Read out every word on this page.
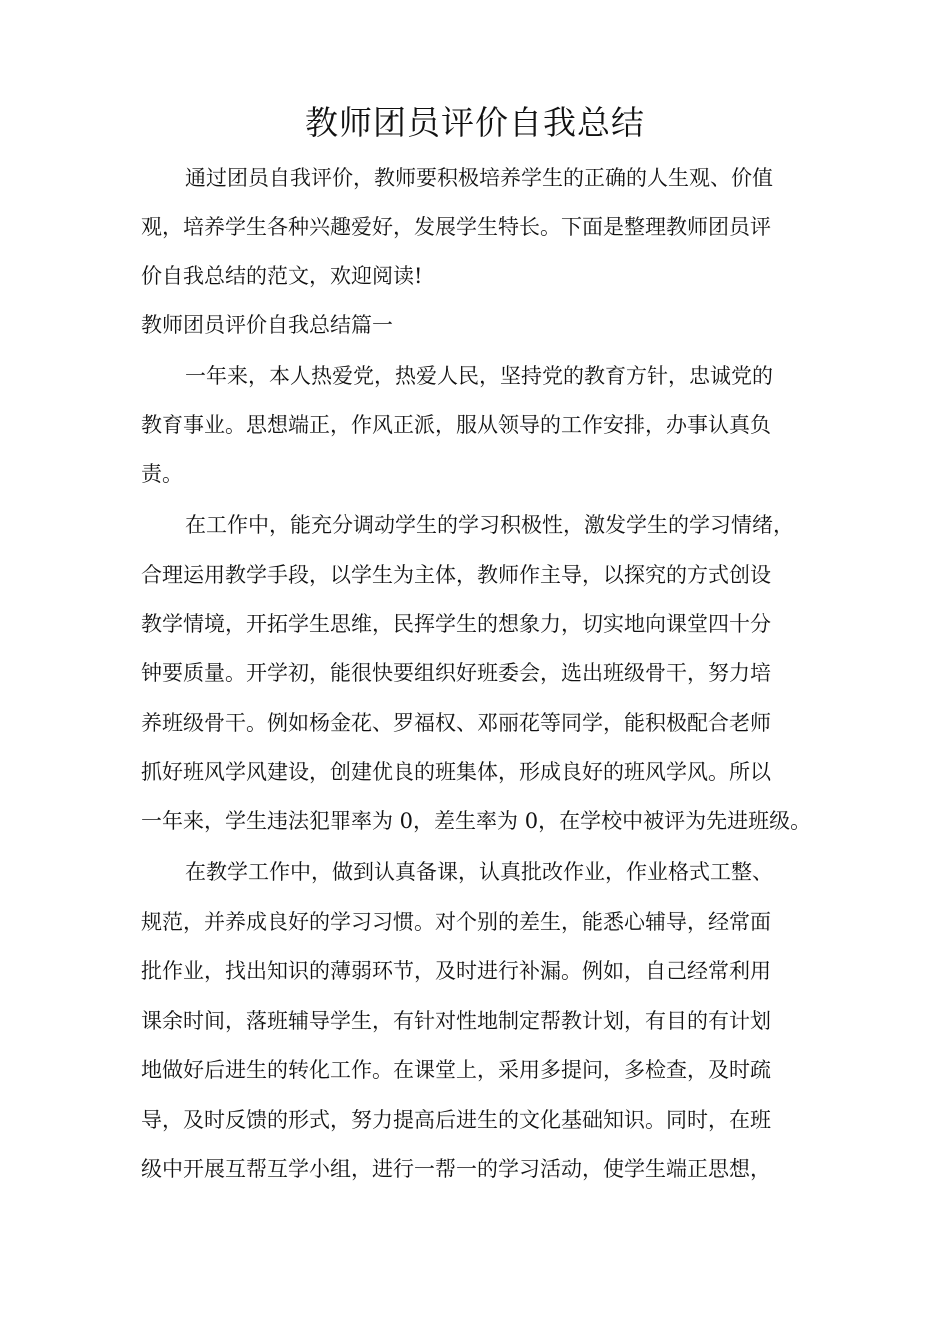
教师团员评价自我总结

通过团员自我评价，教师要积极培养学生的正确的人生观、价值

观，培养学生各种兴趣爱好，发展学生特长。下面是整理教师团员评

价自我总结的范文，欢迎阅读!

教师团员评价自我总结篇一

一年来，本人热爱党，热爱人民，坚持党的教育方针，忠诚党的

教育事业。思想端正，作风正派，服从领导的工作安排，办事认真负

责。

在工作中，能充分调动学生的学习积极性，激发学生的学习情绪，

合理运用教学手段，以学生为主体，教师作主导，以探究的方式创设

教学情境，开拓学生思维，民挥学生的想象力，切实地向课堂四十分

钟要质量。开学初，能很快要组织好班委会，选出班级骨干，努力培

养班级骨干。例如杨金花、罗福权、邓丽花等同学，能积极配合老师

抓好班风学风建设，创建优良的班集体，形成良好的班风学风。所以

一年来，学生违法犯罪率为 0，差生率为 0，在学校中被评为先进班级。

在教学工作中，做到认真备课，认真批改作业，作业格式工整、

规范，并养成良好的学习习惯。对个别的差生，能悉心辅导，经常面

批作业，找出知识的薄弱环节，及时进行补漏。例如，自己经常利用

课余时间，落班辅导学生，有针对性地制定帮教计划，有目的有计划

地做好后进生的转化工作。在课堂上，采用多提问，多检查，及时疏

导，及时反馈的形式，努力提高后进生的文化基础知识。同时，在班

级中开展互帮互学小组，进行一帮一的学习活动，使学生端正思想，
